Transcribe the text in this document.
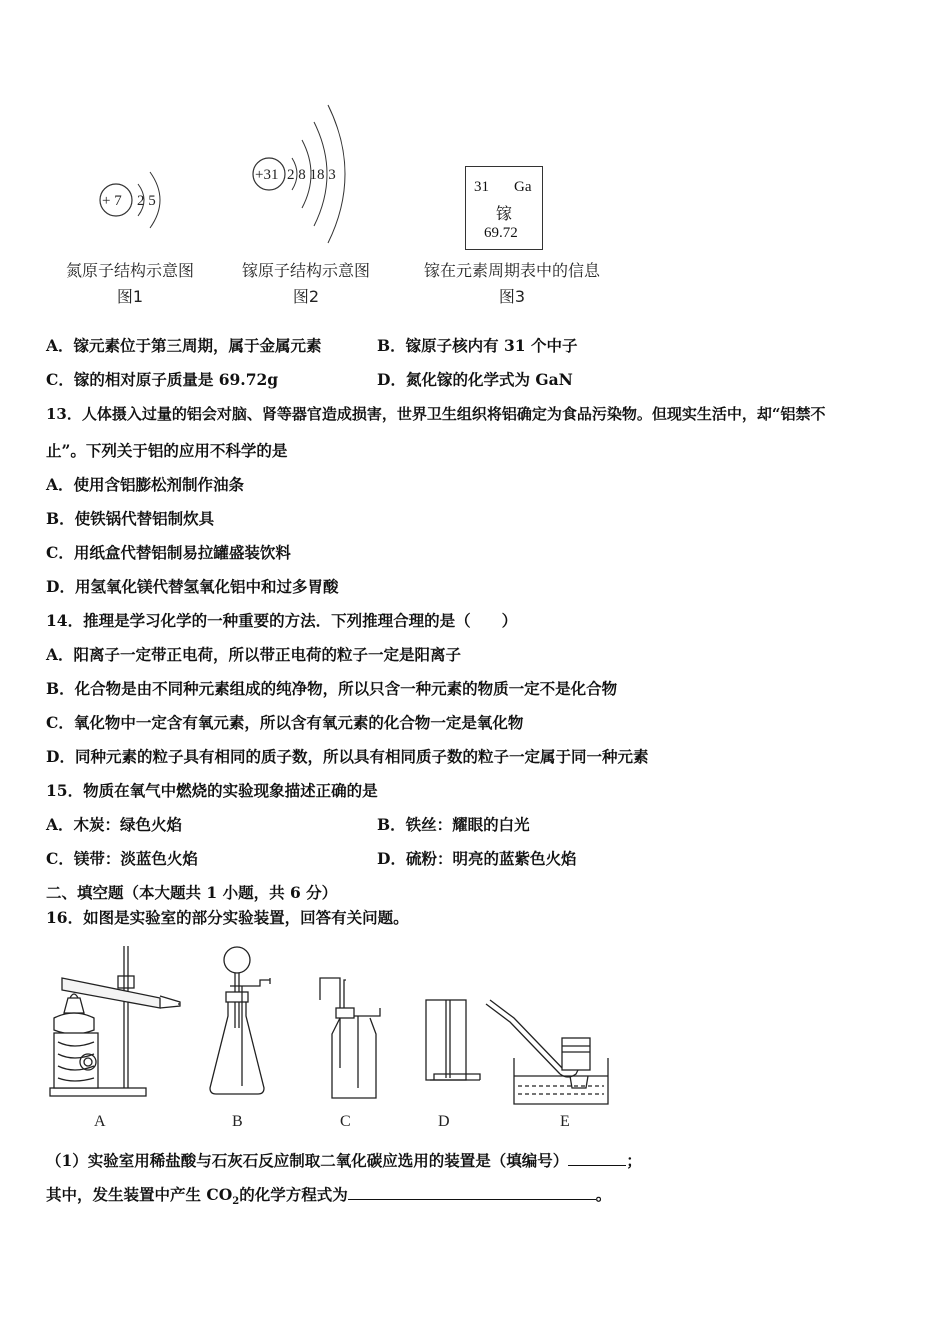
+ 7 2 5
氮原子结构示意图
图1
+31 2 8 18 3
镓原子结构示意图
图2
31 Ga
镓
69.72
镓在元素周期表中的信息
图3
A．镓元素位于第三周期，属于金属元素	B．镓原子核内有 31 个中子
C．镓的相对原子质量是 69.72g	D．氮化镓的化学式为 GaN
13．人体摄入过量的铝会对脑、肾等器官造成损害，世界卫生组织将铝确定为食品污染物。但现实生活中，却“铝禁不
止”。下列关于铝的应用不科学的是
A．使用含铝膨松剂制作油条
B．使铁锅代替铝制炊具
C．用纸盒代替铝制易拉罐盛装饮料
D．用氢氧化镁代替氢氧化铝中和过多胃酸
14．推理是学习化学的一种重要的方法．下列推理合理的是（　　）
A．阳离子一定带正电荷，所以带正电荷的粒子一定是阳离子
B．化合物是由不同种元素组成的纯净物，所以只含一种元素的物质一定不是化合物
C．氧化物中一定含有氧元素，所以含有氧元素的化合物一定是氧化物
D．同种元素的粒子具有相同的质子数，所以具有相同质子数的粒子一定属于同一种元素
15．物质在氧气中燃烧的实验现象描述正确的是
A．木炭：绿色火焰	B．铁丝：耀眼的白光
C．镁带：淡蓝色火焰	D．硫粉：明亮的蓝紫色火焰
二、填空题（本大题共 1 小题，共 6 分）
16．如图是实验室的部分实验装置，回答有关问题。
A	B	C	D	E
（1）实验室用稀盐酸与石灰石反应制取二氧化碳应选用的装置是（填编号）	；
其中，发生装置中产生 $CO_2$的化学方程式为	。
